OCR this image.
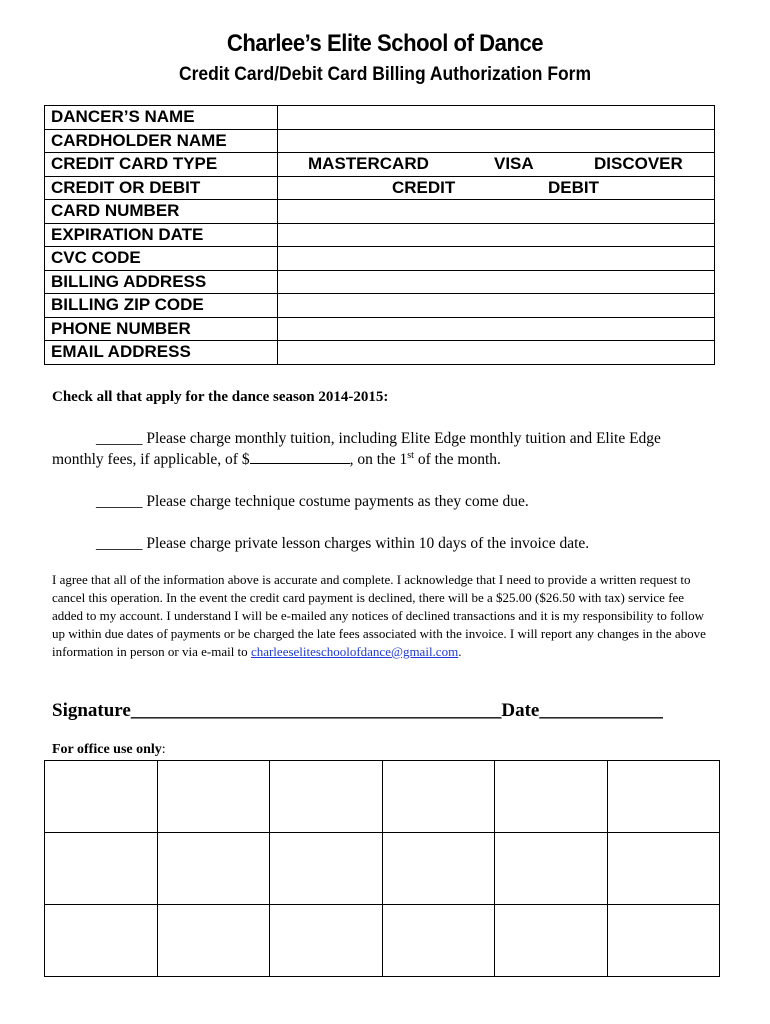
Charlee’s Elite School of Dance
Credit Card/Debit Card Billing Authorization Form
DANCER’S NAME	
CARDHOLDER NAME	
CREDIT CARD TYPE	MASTERCARD VISA DISCOVER

CREDIT OR DEBIT	CREDIT DEBIT

CARD NUMBER	
EXPIRATION DATE	
CVC CODE	
BILLING ADDRESS	
BILLING ZIP CODE	
PHONE NUMBER	
EMAIL ADDRESS	
Check all that apply for the dance season 2014-2015:
______ Please charge monthly tuition, including Elite Edge monthly tuition and Elite Edge monthly fees, if applicable, of $	, on the 1st of the month.
______ Please charge technique costume payments as they come due.
______ Please charge private lesson charges within 10 days of the invoice date.
I agree that all of the information above is accurate and complete. I acknowledge that I need to provide a written request to cancel this operation. In the event the credit card payment is declined, there will be a $25.00 ($26.50 with tax) service fee added to my account. I understand I will be e-mailed any notices of declined transactions and it is my responsibility to follow up within due dates of payments or be charged the late fees associated with the invoice. I will report any changes in the above information in person or via e-mail to charleeseliteschoolofdance@gmail.com.
Signature_______________________________________Date_____________
For office use only:
